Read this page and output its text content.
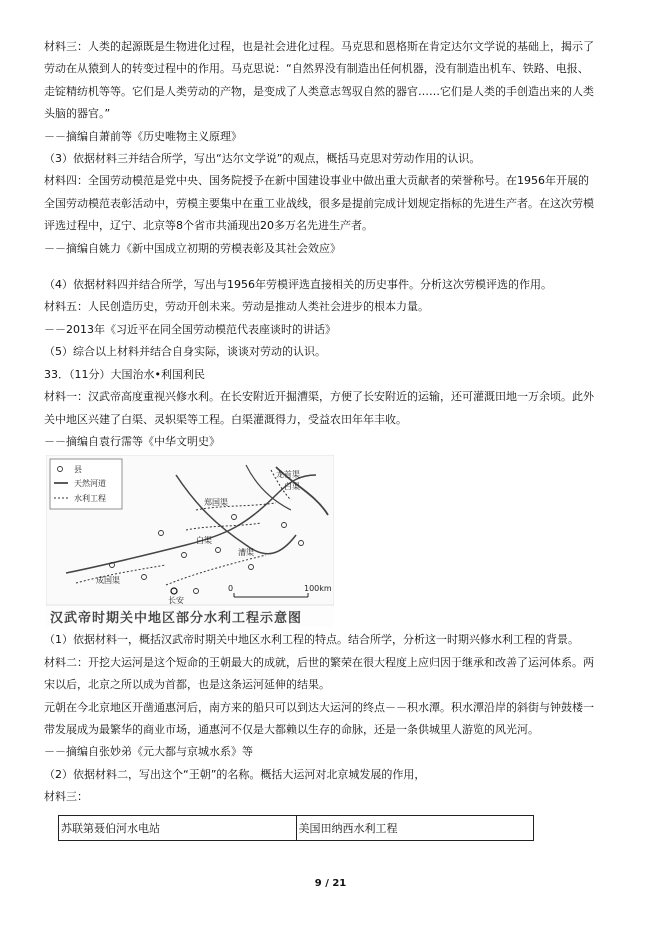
材料三：人类的起源既是生物进化过程，也是社会进化过程。马克思和恩格斯在肯定达尔文学说的基础上，揭示了
劳动在从猿到人的转变过程中的作用。马克思说：“自然界没有制造出任何机器，没有制造出机车、铁路、电报、
走锭精纺机等等。它们是人类劳动的产物，是变成了人类意志驾驭自然的器官……它们是人类的手创造出来的人类
头脑的器官。”
－－摘编自萧前等《历史唯物主义原理》
（3）依据材料三并结合所学，写出“达尔文学说”的观点，概括马克思对劳动作用的认识。
材料四：全国劳动模范是党中央、国务院授予在新中国建设事业中做出重大贡献者的荣誉称号。在1956年开展的
全国劳动模范表彰活动中，劳模主要集中在重工业战线，很多是提前完成计划规定指标的先进生产者。在这次劳模
评选过程中，辽宁、北京等8个省市共涌现出20多万名先进生产者。
－－摘编自姚力《新中国成立初期的劳模表彰及其社会效应》
（4）依据材料四并结合所学，写出与1956年劳模评选直接相关的历史事件。分析这次劳模评选的作用。
材料五：人民创造历史，劳动开创未来。劳动是推动人类社会进步的根本力量。
－－2013年《习近平在同全国劳动模范代表座谈时的讲话》
（5）综合以上材料并结合自身实际，谈谈对劳动的认识。
33．（11分）大国治水•利国利民
材料一：汉武帝高度重视兴修水利。在长安附近开掘漕渠，方便了长安附近的运输，还可灌溉田地一万余顷。此外
关中地区兴建了白渠、灵轵渠等工程。白渠灌溉得力，受益农田年年丰收。
－－摘编自袁行霈等《中华文明史》
县
天然河道
水利工程	郑国渠
白渠
漕渠
成国渠
长安
龙首渠
白渠
0	100km
汉武帝时期关中地区部分水利工程示意图
（1）依据材料一，概括汉武帝时期关中地区水利工程的特点。结合所学，分析这一时期兴修水利工程的背景。
材料二：开挖大运河是这个短命的王朝最大的成就，后世的繁荣在很大程度上应归因于继承和改善了运河体系。两
宋以后，北京之所以成为首都，也是这条运河延伸的结果。
元朝在今北京地区开凿通惠河后，南方来的船只可以到达大运河的终点－－积水潭。积水潭沿岸的斜街与钟鼓楼一
带发展成为最繁华的商业市场，通惠河不仅是大都赖以生存的命脉，还是一条供城里人游览的风光河。
－－摘编自张妙弟《元大都与京城水系》等
（2）依据材料二，写出这个“王朝”的名称。概括大运河对北京城发展的作用，
材料三：
苏联第聂伯河水电站	美国田纳西水利工程
9 / 21
